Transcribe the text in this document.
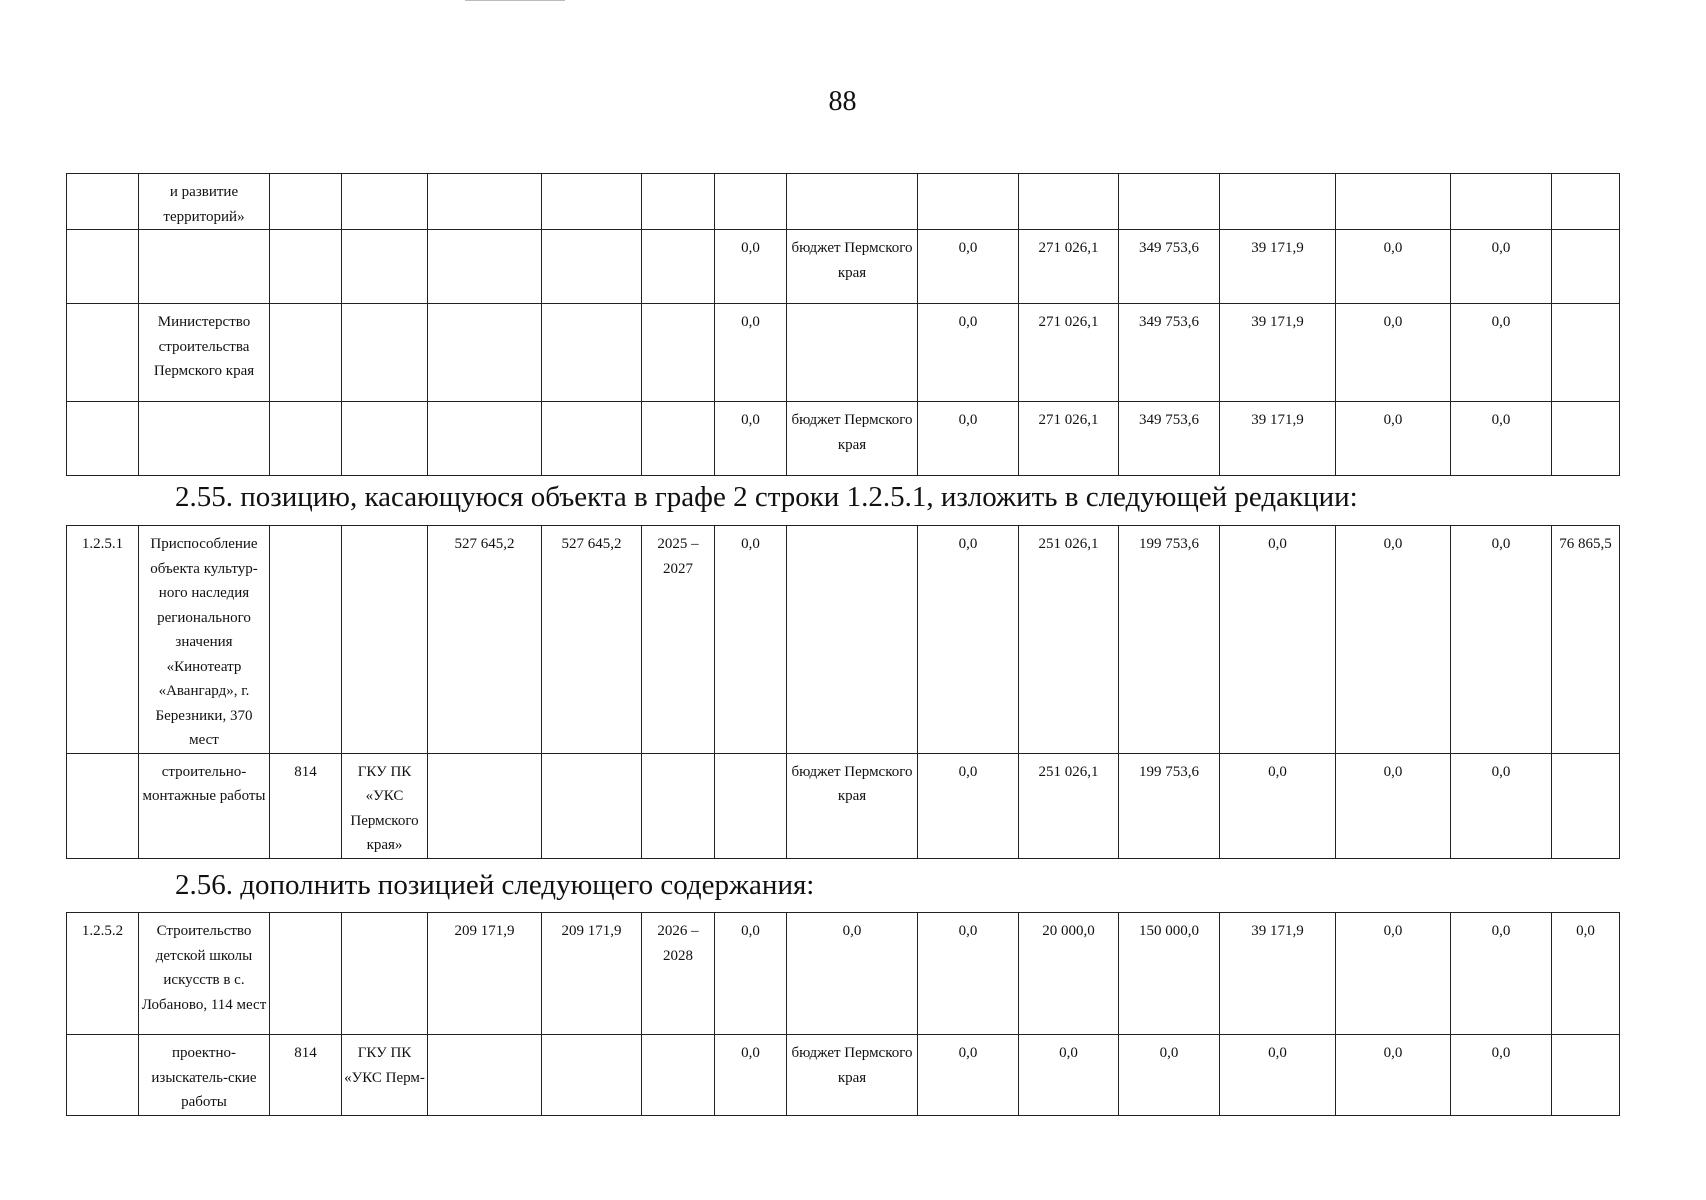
88
	и развитие территорий»														
							0,0	бюджет Пермского края	0,0	271 026,1	349 753,6	39 171,9	0,0	0,0	
	Министерство строительства Пермского края						0,0		0,0	271 026,1	349 753,6	39 171,9	0,0	0,0	
							0,0	бюджет Пермского края	0,0	271 026,1	349 753,6	39 171,9	0,0	0,0	
2.55. позицию, касающуюся объекта в графе 2 строки 1.2.5.1, изложить в следующей редакции:
1.2.5.1	Приспособление объекта культур-ного наследия регионального значения «Кинотеатр «Авангард», г. Березники, 370 мест			527 645,2	527 645,2	2025 – 2027	0,0		0,0	251 026,1	199 753,6	0,0	0,0	0,0	76 865,5
	строительно-монтажные работы	814	ГКУ ПК «УКС Пермского края»					бюджет Пермского края	0,0	251 026,1	199 753,6	0,0	0,0	0,0	
2.56. дополнить позицией следующего содержания:
1.2.5.2	Строительство детской школы искусств в с. Лобаново, 114 мест			209 171,9	209 171,9	2026 – 2028	0,0	0,0	0,0	20 000,0	150 000,0	39 171,9	0,0	0,0	0,0
	проектно-изыскатель-ские работы	814	ГКУ ПК «УКС Перм-				0,0	бюджет Пермского края	0,0	0,0	0,0	0,0	0,0	0,0	
